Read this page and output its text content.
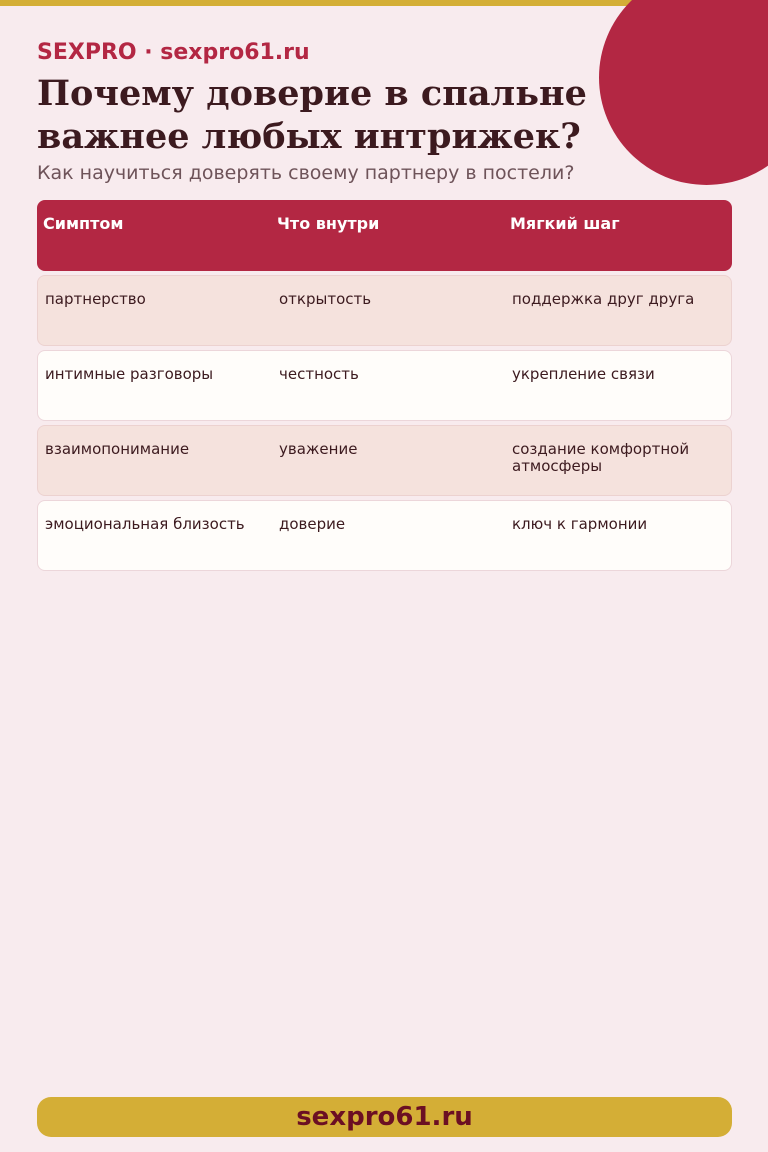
SEXPRO · sexpro61.ru
Почему доверие в спальне
важнее любых интрижек?
Как научиться доверять своему партнеру в постели?
Симптом	Что внутри	Мягкий шаг
партнерство	открытость	поддержка друг друга
интимные разговоры	честность	укрепление связи
взаимопонимание	уважение	создание комфортной атмосферы
эмоциональная близость	доверие	ключ к гармонии
sexpro61.ru
